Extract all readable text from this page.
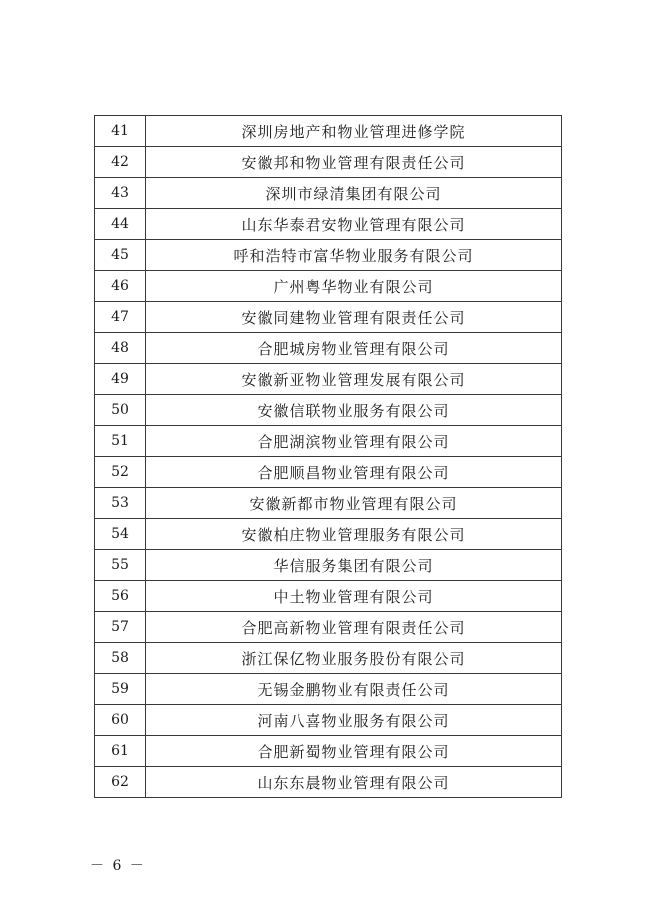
41	深圳房地产和物业管理进修学院
42	安徽邦和物业管理有限责任公司
43	深圳市绿清集团有限公司
44	山东华泰君安物业管理有限公司
45	呼和浩特市富华物业服务有限公司
46	广州粤华物业有限公司
47	安徽同建物业管理有限责任公司
48	合肥城房物业管理有限公司
49	安徽新亚物业管理发展有限公司
50	安徽信联物业服务有限公司
51	合肥湖滨物业管理有限公司
52	合肥顺昌物业管理有限公司
53	安徽新都市物业管理有限公司
54	安徽柏庄物业管理服务有限公司
55	华信服务集团有限公司
56	中土物业管理有限公司
57	合肥高新物业管理有限责任公司
58	浙江保亿物业服务股份有限公司
59	无锡金鹏物业有限责任公司
60	河南八喜物业服务有限公司
61	合肥新蜀物业管理有限公司
62	山东东晨物业管理有限公司
－ 6 －
